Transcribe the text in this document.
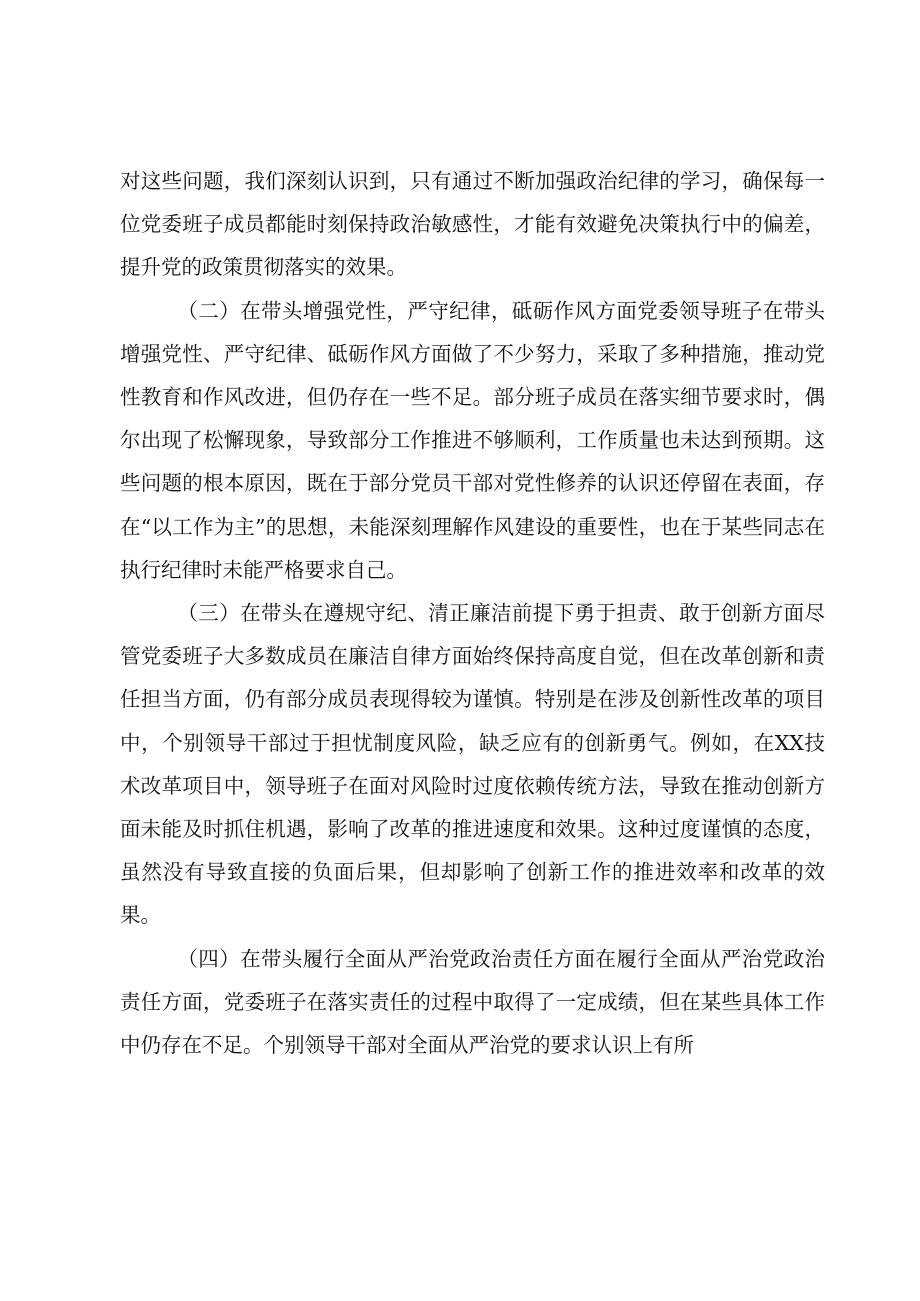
对这些问题，我们深刻认识到，只有通过不断加强政治纪律的学习，确保每一位党委班子成员都能时刻保持政治敏感性，才能有效避免决策执行中的偏差，提升党的政策贯彻落实的效果。

（二）在带头增强党性，严守纪律，砥砺作风方面党委领导班子在带头增强党性、严守纪律、砥砺作风方面做了不少努力，采取了多种措施，推动党性教育和作风改进，但仍存在一些不足。部分班子成员在落实细节要求时，偶尔出现了松懈现象，导致部分工作推进不够顺利，工作质量也未达到预期。这些问题的根本原因，既在于部分党员干部对党性修养的认识还停留在表面，存在“以工作为主”的思想，未能深刻理解作风建设的重要性，也在于某些同志在执行纪律时未能严格要求自己。

（三）在带头在遵规守纪、清正廉洁前提下勇于担责、敢于创新方面尽管党委班子大多数成员在廉洁自律方面始终保持高度自觉，但在改革创新和责任担当方面，仍有部分成员表现得较为谨慎。特别是在涉及创新性改革的项目中，个别领导干部过于担忧制度风险，缺乏应有的创新勇气。例如，在XX技术改革项目中，领导班子在面对风险时过度依赖传统方法，导致在推动创新方面未能及时抓住机遇，影响了改革的推进速度和效果。这种过度谨慎的态度，虽然没有导致直接的负面后果，但却影响了创新工作的推进效率和改革的效果。

（四）在带头履行全面从严治党政治责任方面在履行全面从严治党政治责任方面，党委班子在落实责任的过程中取得了一定成绩，但在某些具体工作中仍存在不足。个别领导干部对全面从严治党的要求认识上有所
